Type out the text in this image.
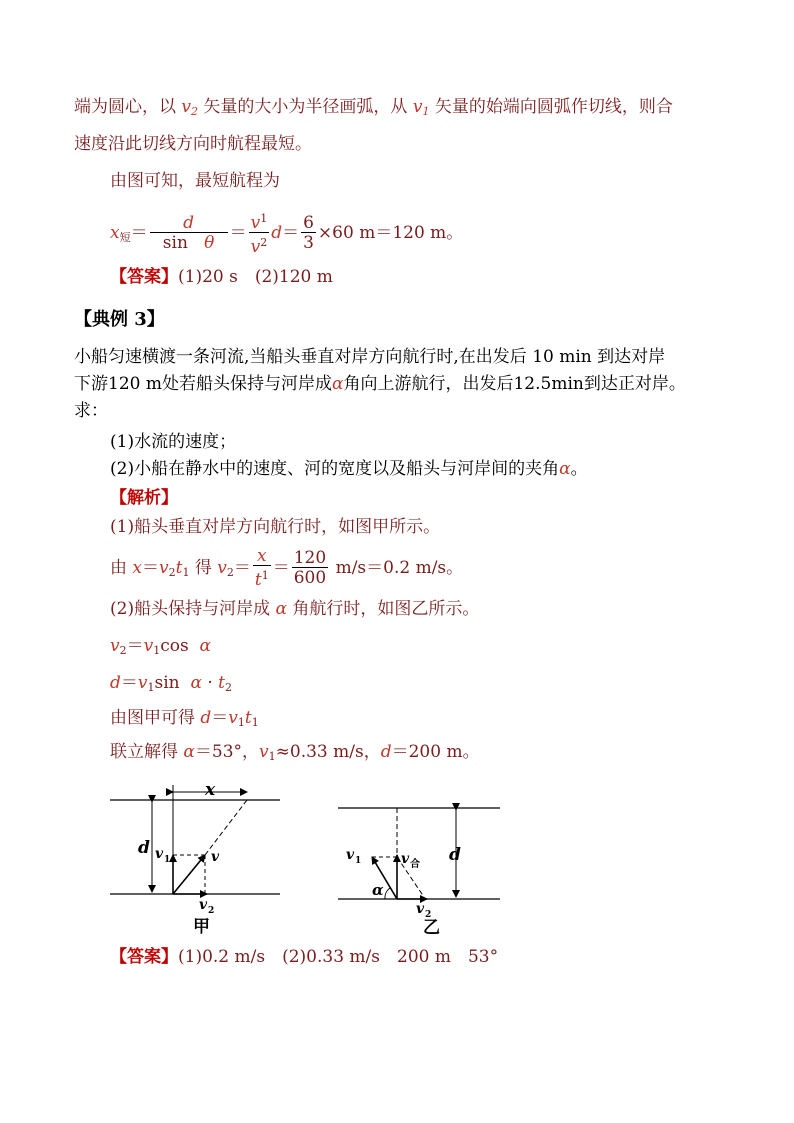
端为圆心，以 $v_2$ 矢量的大小为半径画弧，从 $v_1$ 矢量的始端向圆弧作切线，则合
速度沿此切线方向时航程最短。
由图可知，最短航程为
$x_短= \frac{d}{\text{sin θ}} = \frac{v^1}{v^2} d= \frac{6}{3} \times 60$ m＝120 m。
【答案】(1)20 s　(2)120 m
【典例 3】
小船匀速横渡一条河流,当船头垂直对岸方向航行时,在出发后 10 min 到达对岸
下游120 m处若船头保持与河岸成α角向上游航行，出发后12.5min到达正对岸。
求：
(1)水流的速度；
(2)小船在静水中的速度、河的宽度以及船头与河岸间的夹角α。
【解析】
(1)船头垂直对岸方向航行时，如图甲所示。
由 $x=v_2t_1$ 得 $v_2= \frac{x}{t^1} = \frac{120}{600} m/s=0.2$ m/s。
(2)船头保持与河岸成 α 角航行时，如图乙所示。
$v_2=v_1\cos$ α
$d=v_1\sin$ $\alpha \cdot t_2$
由图甲可得 $d=v_1t_1$
联立解得 α＝53°，$v_1\approx 0.33$ m/s，d＝200 m。
x
d v 1	v
v 2
甲
d
v 合
v 1
α
v 2
乙
【答案】(1)0.2 m/s　(2)0.33 m/s　200 m　53°
